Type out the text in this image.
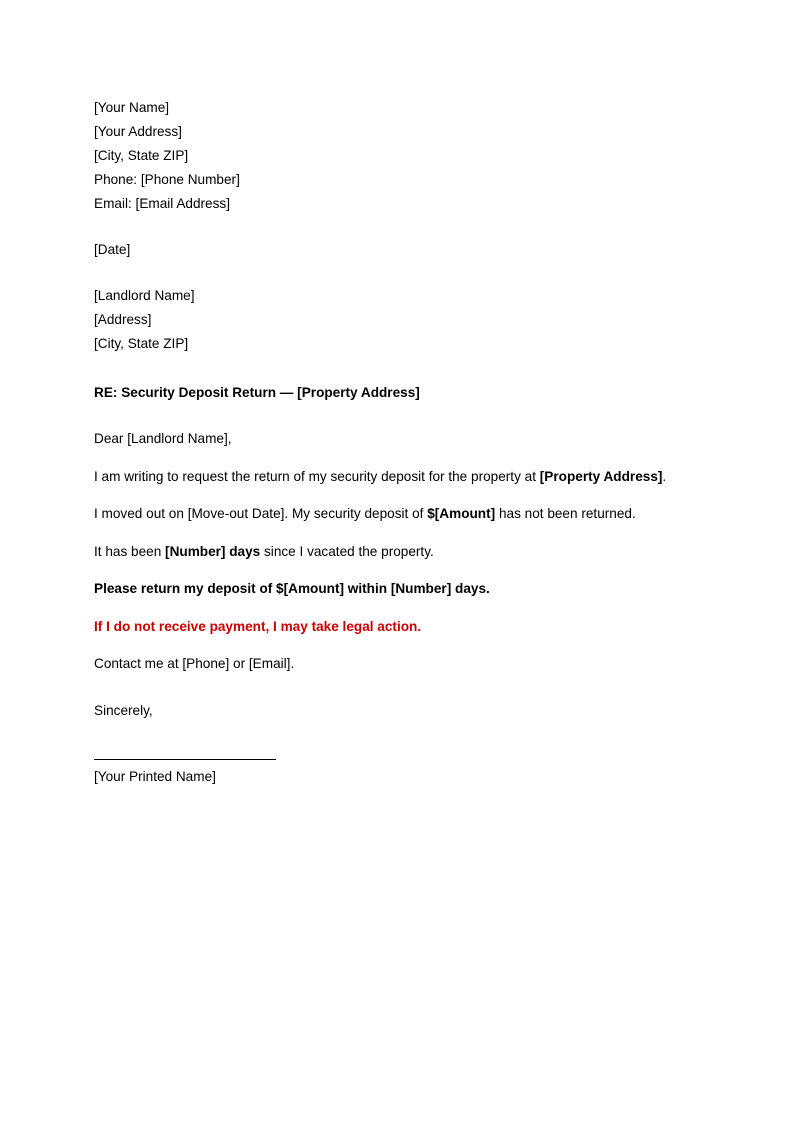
[Your Name]
[Your Address]
[City, State ZIP]
Phone: [Phone Number]
Email: [Email Address]
[Date]
[Landlord Name]
[Address]
[City, State ZIP]

RE: Security Deposit Return — [Property Address]

Dear [Landlord Name],

I am writing to request the return of my security deposit for the property at [Property Address].

I moved out on [Move-out Date]. My security deposit of $[Amount] has not been returned.

It has been [Number] days since I vacated the property.

Please return my deposit of $[Amount] within [Number] days.

If I do not receive payment, I may take legal action.

Contact me at [Phone] or [Email].

Sincerely,

[Your Printed Name]
